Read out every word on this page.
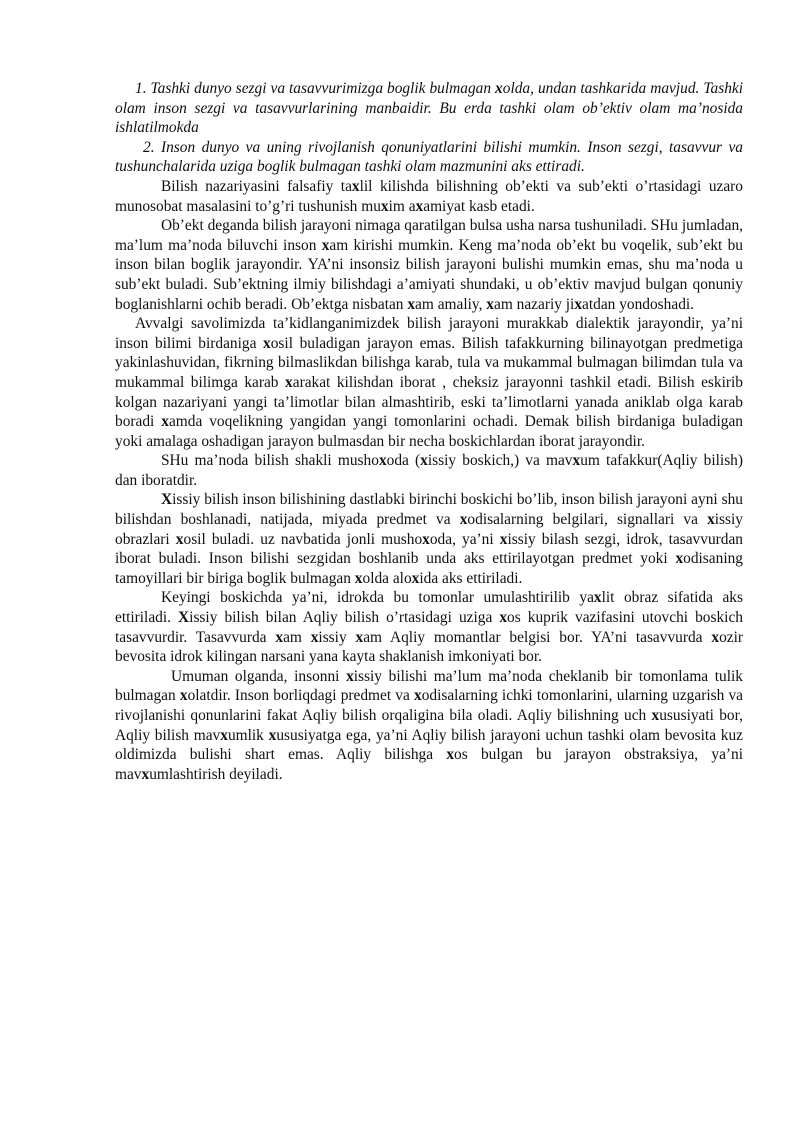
1. Tashki dunyo sezgi va tasavvurimizga boglik bulmagan xolda, undan tashkarida mavjud. Tashki olam inson sezgi va tasavvurlarining manbaidir. Bu erda tashki olam ob’ektiv olam ma’nosida ishlatilmokda

2. Inson dunyo va uning rivojlanish qonuniyatlarini bilishi mumkin. Inson sezgi, tasavvur va tushunchalarida uziga boglik bulmagan tashki olam mazmunini aks ettiradi.

Bilish nazariyasini falsafiy taxlil kilishda bilishning ob’ekti va sub’ekti o’rtasidagi uzaro munosobat masalasini to’g’ri tushunish muxim axamiyat kasb etadi.

Ob’ekt deganda bilish jarayoni nimaga qaratilgan bulsa usha narsa tushuniladi. SHu jumladan, ma’lum ma’noda biluvchi inson xam kirishi mumkin. Keng ma’noda ob’ekt bu voqelik, sub’ekt bu inson bilan boglik jarayondir. YA’ni insonsiz bilish jarayoni bulishi mumkin emas, shu ma’noda u sub’ekt buladi. Sub’ektning ilmiy bilishdagi a’amiyati shundaki, u ob’ektiv mavjud bulgan qonuniy boglanishlarni ochib beradi. Ob’ektga nisbatan xam amaliy, xam nazariy jixatdan yondoshadi.

Avvalgi savolimizda ta’kidlanganimizdek bilish jarayoni murakkab dialektik jarayondir, ya’ni inson bilimi birdaniga xosil buladigan jarayon emas. Bilish tafakkurning bilinayotgan predmetiga yakinlashuvidan, fikrning bilmaslikdan bilishga karab, tula va mukammal bulmagan bilimdan tula va mukammal bilimga karab xarakat kilishdan iborat , cheksiz jarayonni tashkil etadi. Bilish eskirib kolgan nazariyani yangi ta’limotlar bilan almashtirib, eski ta’limotlarni yanada aniklab olga karab boradi xamda voqelikning yangidan yangi tomonlarini ochadi. Demak bilish birdaniga buladigan yoki amalaga oshadigan jarayon bulmasdan bir necha boskichlardan iborat jarayondir.

SHu ma’noda bilish shakli mushoxoda (xissiy boskich,) va mavxum tafakkur(Aqliy bilish) dan iboratdir.

Xissiy bilish inson bilishining dastlabki birinchi boskichi bo’lib, inson bilish jarayoni ayni shu bilishdan boshlanadi, natijada, miyada predmet va xodisalarning belgilari, signallari va xissiy obrazlari xosil buladi. uz navbatida jonli mushoxoda, ya’ni xissiy bilash sezgi, idrok, tasavvurdan iborat buladi. Inson bilishi sezgidan boshlanib unda aks ettirilayotgan predmet yoki xodisaning tamoyillari bir biriga boglik bulmagan xolda aloxida aks ettiriladi.

Keyingi boskichda ya’ni, idrokda bu tomonlar umulashtirilib yaxlit obraz sifatida aks ettiriladi. Xissiy bilish bilan Aqliy bilish o’rtasidagi uziga xos kuprik vazifasini utovchi boskich tasavvurdir. Tasavvurda xam xissiy xam Aqliy momantlar belgisi bor. YA’ni tasavvurda xozir bevosita idrok kilingan narsani yana kayta shaklanish imkoniyati bor.

Umuman olganda, insonni xissiy bilishi ma’lum ma’noda cheklanib bir tomonlama tulik bulmagan xolatdir. Inson borliqdagi predmet va xodisalarning ichki tomonlarini, ularning uzgarish va rivojlanishi qonunlarini fakat Aqliy bilish orqaligina bila oladi. Aqliy bilishning uch xususiyati bor, Aqliy bilish mavxumlik xususiyatga ega, ya’ni Aqliy bilish jarayoni uchun tashki olam bevosita kuz oldimizda bulishi shart emas. Aqliy bilishga xos bulgan bu jarayon obstraksiya, ya’ni mavxumlashtirish deyiladi.
